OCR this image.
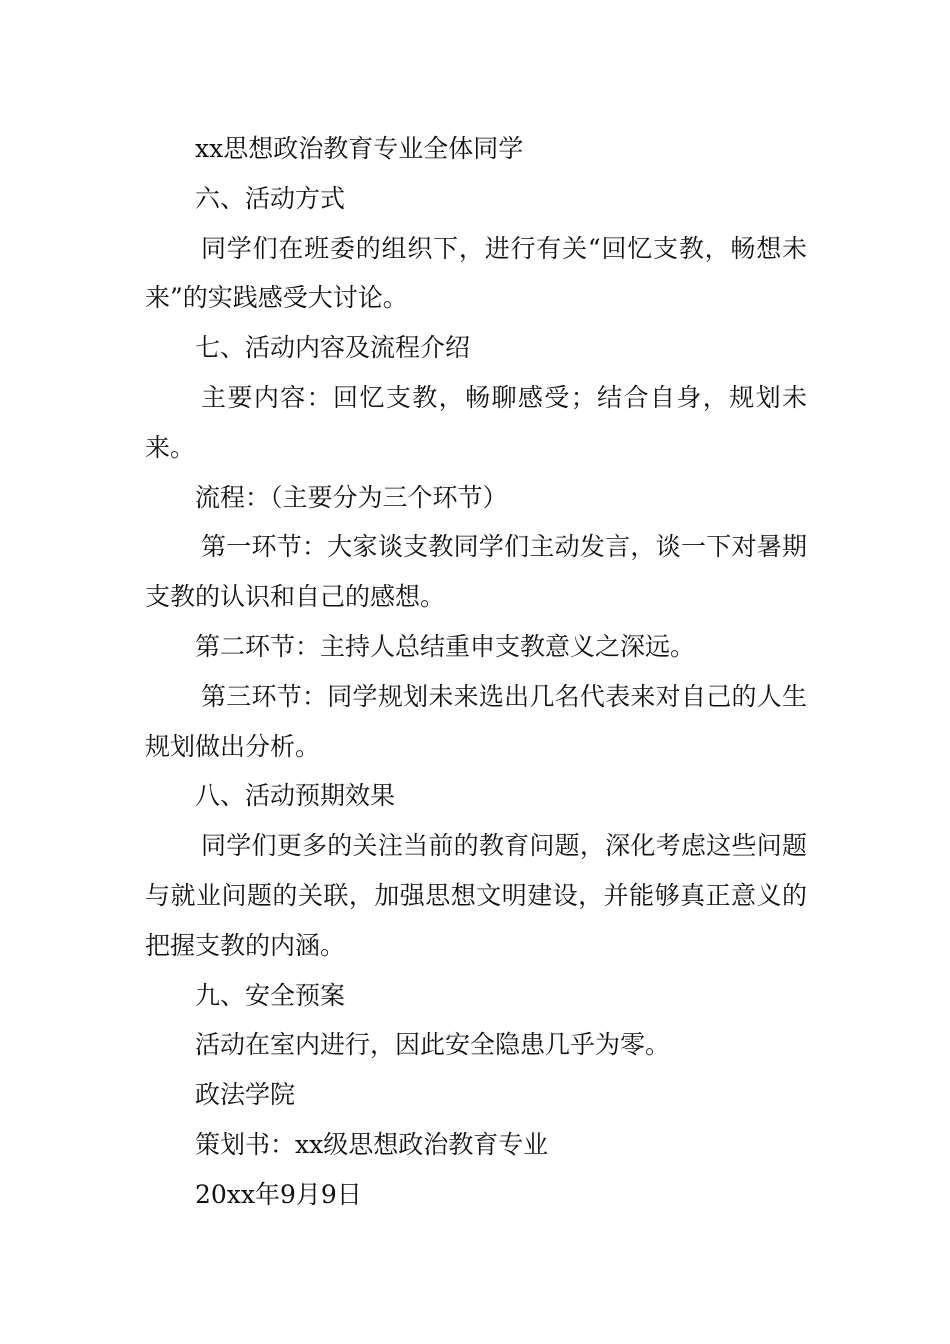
xx思想政治教育专业全体同学

六、活动方式

同学们在班委的组织下，进行有关“回忆支教，畅想未来”的实践感受大讨论。

七、活动内容及流程介绍

主要内容：回忆支教，畅聊感受；结合自身，规划未来。

流程：（主要分为三个环节）

第一环节：大家谈支教同学们主动发言，谈一下对暑期支教的认识和自己的感想。

第二环节：主持人总结重申支教意义之深远。

第三环节：同学规划未来选出几名代表来对自己的人生规划做出分析。

八、活动预期效果

同学们更多的关注当前的教育问题，深化考虑这些问题与就业问题的关联，加强思想文明建设，并能够真正意义的把握支教的内涵。

九、安全预案

活动在室内进行，因此安全隐患几乎为零。

政法学院

策划书：xx级思想政治教育专业

20xx年9月9日
